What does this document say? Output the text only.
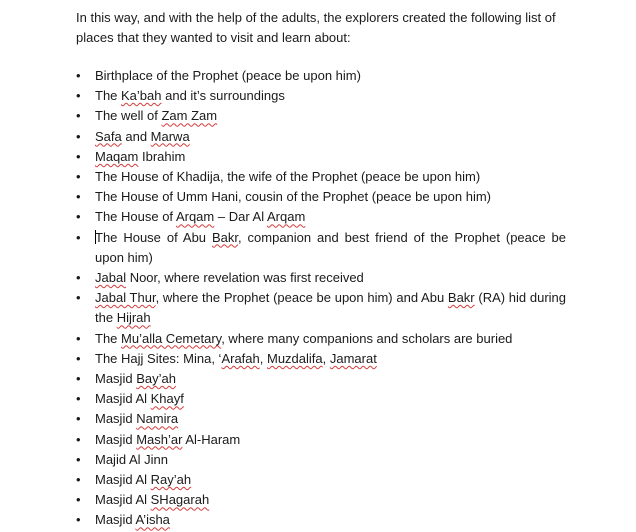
In this way, and with the help of the adults, the explorers created the following list of places that they wanted to visit and learn about:

• Birthplace of the Prophet (peace be upon him)
• The Ka’bah and it’s surroundings
• The well of Zam Zam
• Safa and Marwa
• Maqam Ibrahim
• The House of Khadija, the wife of the Prophet (peace be upon him)
• The House of Umm Hani, cousin of the Prophet (peace be upon him)
• The House of Arqam – Dar Al Arqam
• The House of Abu Bakr, companion and best friend of the Prophet (peace be upon him)
• Jabal Noor, where revelation was first received
• Jabal Thur, where the Prophet (peace be upon him) and Abu Bakr (RA) hid during the Hijrah
• The Mu’alla Cemetary, where many companions and scholars are buried
• The Hajj Sites: Mina, ‘Arafah, Muzdalifa, Jamarat
• Masjid Bay’ah
• Masjid Al Khayf
• Masjid Namira
• Masjid Mash’ar Al-Haram
• Majid Al Jinn
• Masjid Al Ray’ah
• Masjid Al SHagarah
• Masjid A’isha
